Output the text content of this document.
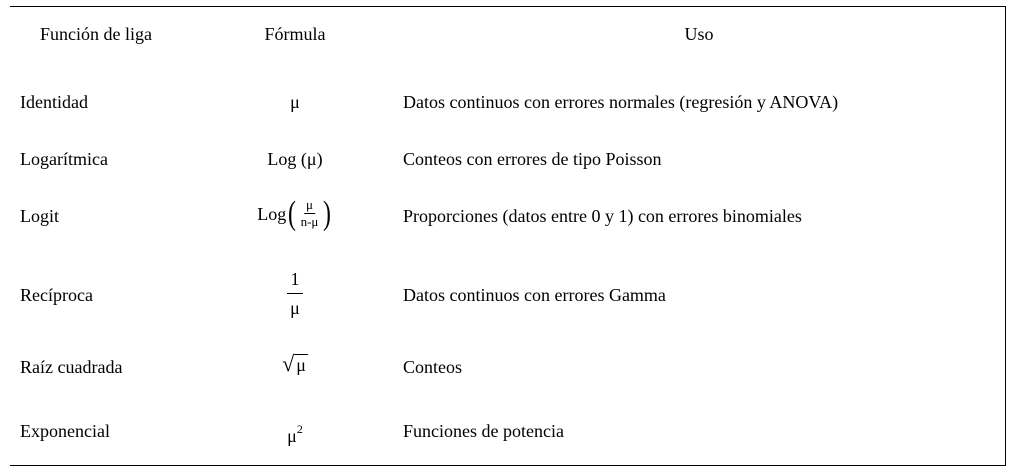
Función de liga	Fórmula	Uso
Identidad	μ	Datos continuos con errores normales (regresión y ANOVA)
Logarítmica	Log (μ)	Conteos con errores de tipo Poisson
Logit	Log ( $\frac{\mu}{n-\mu}$ )	Proporciones (datos entre 0 y 1) con errores binomiales
Recíproca	$\frac{1}{\mu}$	Datos continuos con errores Gamma
Raíz cuadrada	√ μ	Conteos
Exponencial	$\mu^2$	Funciones de potencia
